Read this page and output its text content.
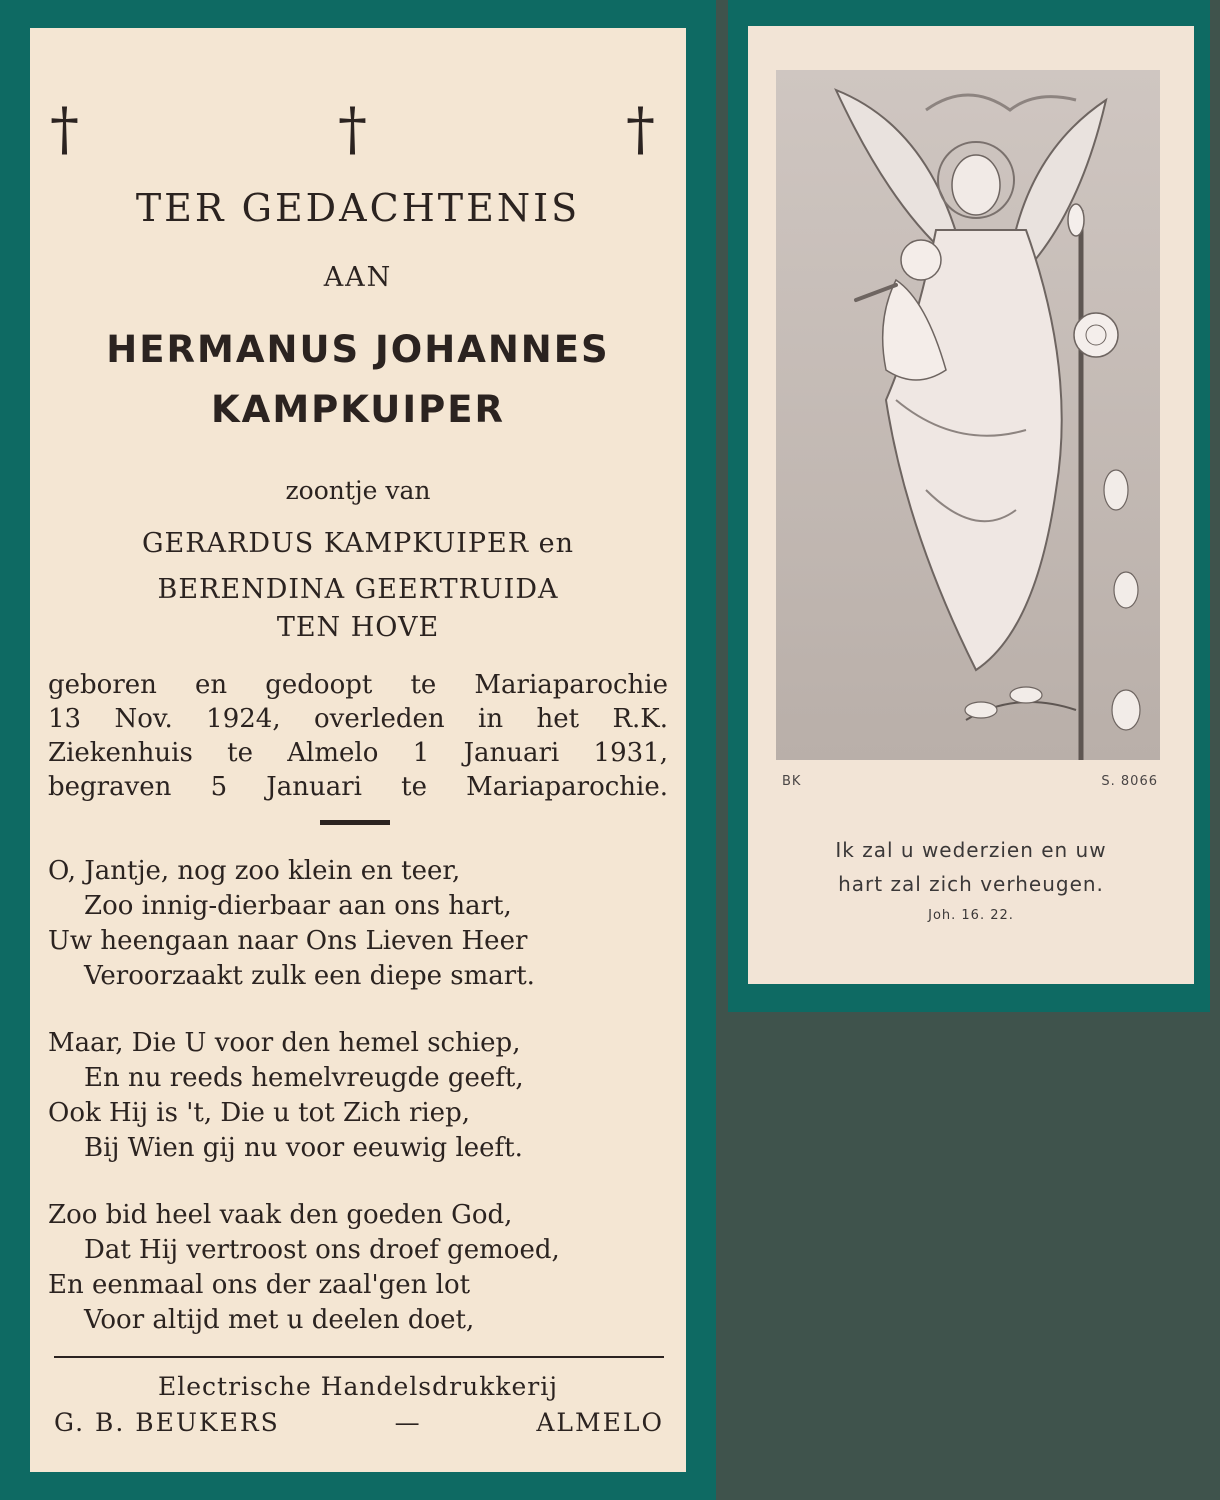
†	†	†
TER GEDACHTENIS
AAN
HERMANUS JOHANNES
KAMPKUIPER
zoontje van
GERARDUS KAMPKUIPER en
BERENDINA GEERTRUIDA
TEN HOVE
geboren en gedoopt te Mariaparochie
13 Nov. 1924, overleden in het R.K.
Ziekenhuis te Almelo 1 Januari 1931,
begraven 5 Januari te Mariaparochie.
O, Jantje, nog zoo klein en teer,
Zoo innig-dierbaar aan ons hart,
Uw heengaan naar Ons Lieven Heer
Veroorzaakt zulk een diepe smart.
Maar, Die U voor den hemel schiep,
En nu reeds hemelvreugde geeft,
Ook Hij is 't, Die u tot Zich riep,
Bij Wien gij nu voor eeuwig leeft.
Zoo bid heel vaak den goeden God,
Dat Hij vertroost ons droef gemoed,
En eenmaal ons der zaal'gen lot
Voor altijd met u deelen doet,
Electrische Handelsdrukkerij
G. B. BEUKERS	—	ALMELO
BK	S. 8066
Ik zal u wederzien en uw
hart zal zich verheugen.
Joh. 16. 22.
